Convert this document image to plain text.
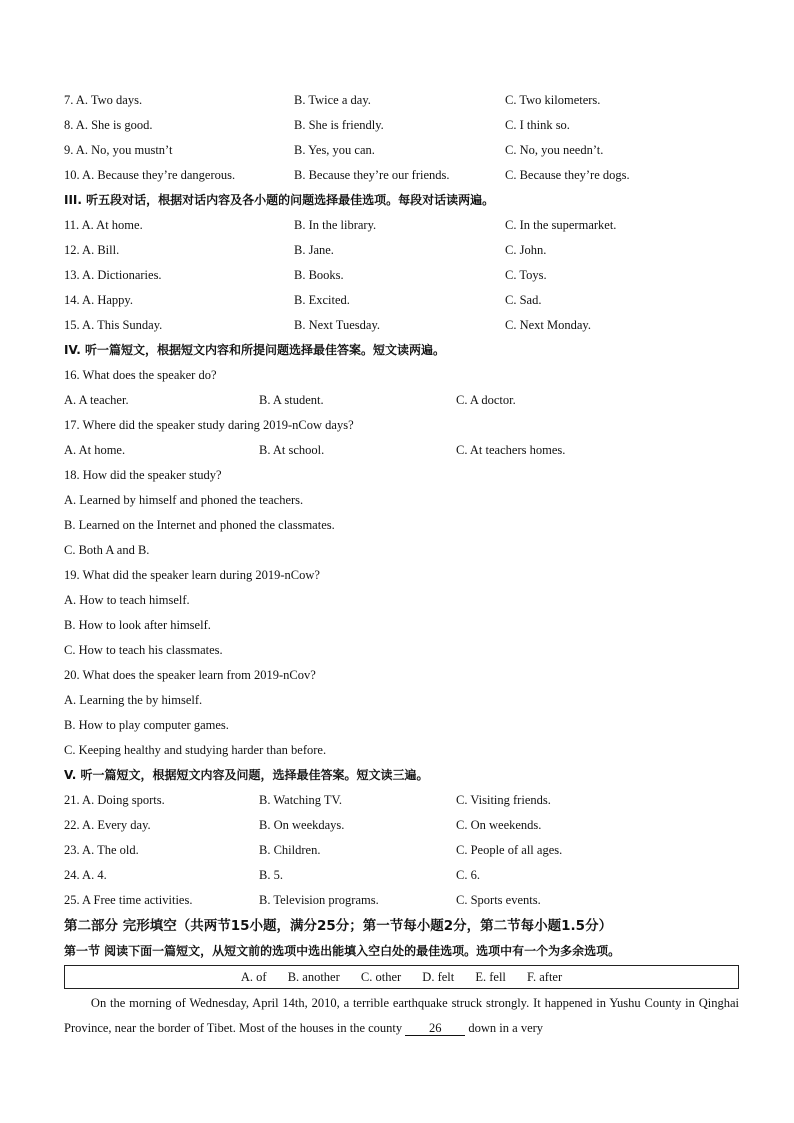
7. A. Two days.	B. Twice a day.	C. Two kilometers.
8. A. She is good.	B. She is friendly.	C. I think so.
9. A. No, you mustn’t	B. Yes, you can.	C. No, you needn’t.
10. A. Because they’re dangerous.	B. Because they’re our friends.	C. Because they’re dogs.
III. 听五段对话，根据对话内容及各小题的问题选择最佳选项。每段对话读两遍。
11. A. At home.	B. In the library.	C. In the supermarket.
12. A. Bill.	B. Jane.	C. John.
13. A. Dictionaries.	B. Books.	C. Toys.
14. A. Happy.	B. Excited.	C. Sad.
15. A. This Sunday.	B. Next Tuesday.	C. Next Monday.
IV. 听一篇短文，根据短文内容和所提问题选择最佳答案。短文读两遍。
16. What does the speaker do?
A. A teacher.	B. A student.	C. A doctor.
17. Where did the speaker study daring 2019-nCow days?
A. At home.	B. At school.	C. At teachers homes.
18. How did the speaker study?
A. Learned by himself and phoned the teachers.
B. Learned on the Internet and phoned the classmates.
C. Both A and B.
19. What did the speaker learn during 2019-nCow?
A. How to teach himself.
B. How to look after himself.
C. How to teach his classmates.
20. What does the speaker learn from 2019-nCov?
A. Learning the by himself.
B. How to play computer games.
C. Keeping healthy and studying harder than before.
V. 听一篇短文，根据短文内容及问题，选择最佳答案。短文读三遍。
21. A. Doing sports.	B. Watching TV.	C. Visiting friends.
22. A. Every day.	B. On weekdays.	C. On weekends.
23. A. The old.	B. Children.	C. People of all ages.
24. A. 4.	B. 5.	C. 6.
25. A Free time activities.	B. Television programs.	C. Sports events.
第二部分 完形填空（共两节15小题，满分25分；第一节每小题2分，第二节每小题1.5分）
第一节 阅读下面一篇短文，从短文前的选项中选出能填入空白处的最佳选项。选项中有一个为多余选项。
A. of B. another C. other D. felt E. fell F. after
On the morning of Wednesday, April 14th, 2010, a terrible earthquake struck strongly. It happened in Yushu County in Qinghai Province, near the border of Tibet. Most of the houses in the county 26 down in a very
